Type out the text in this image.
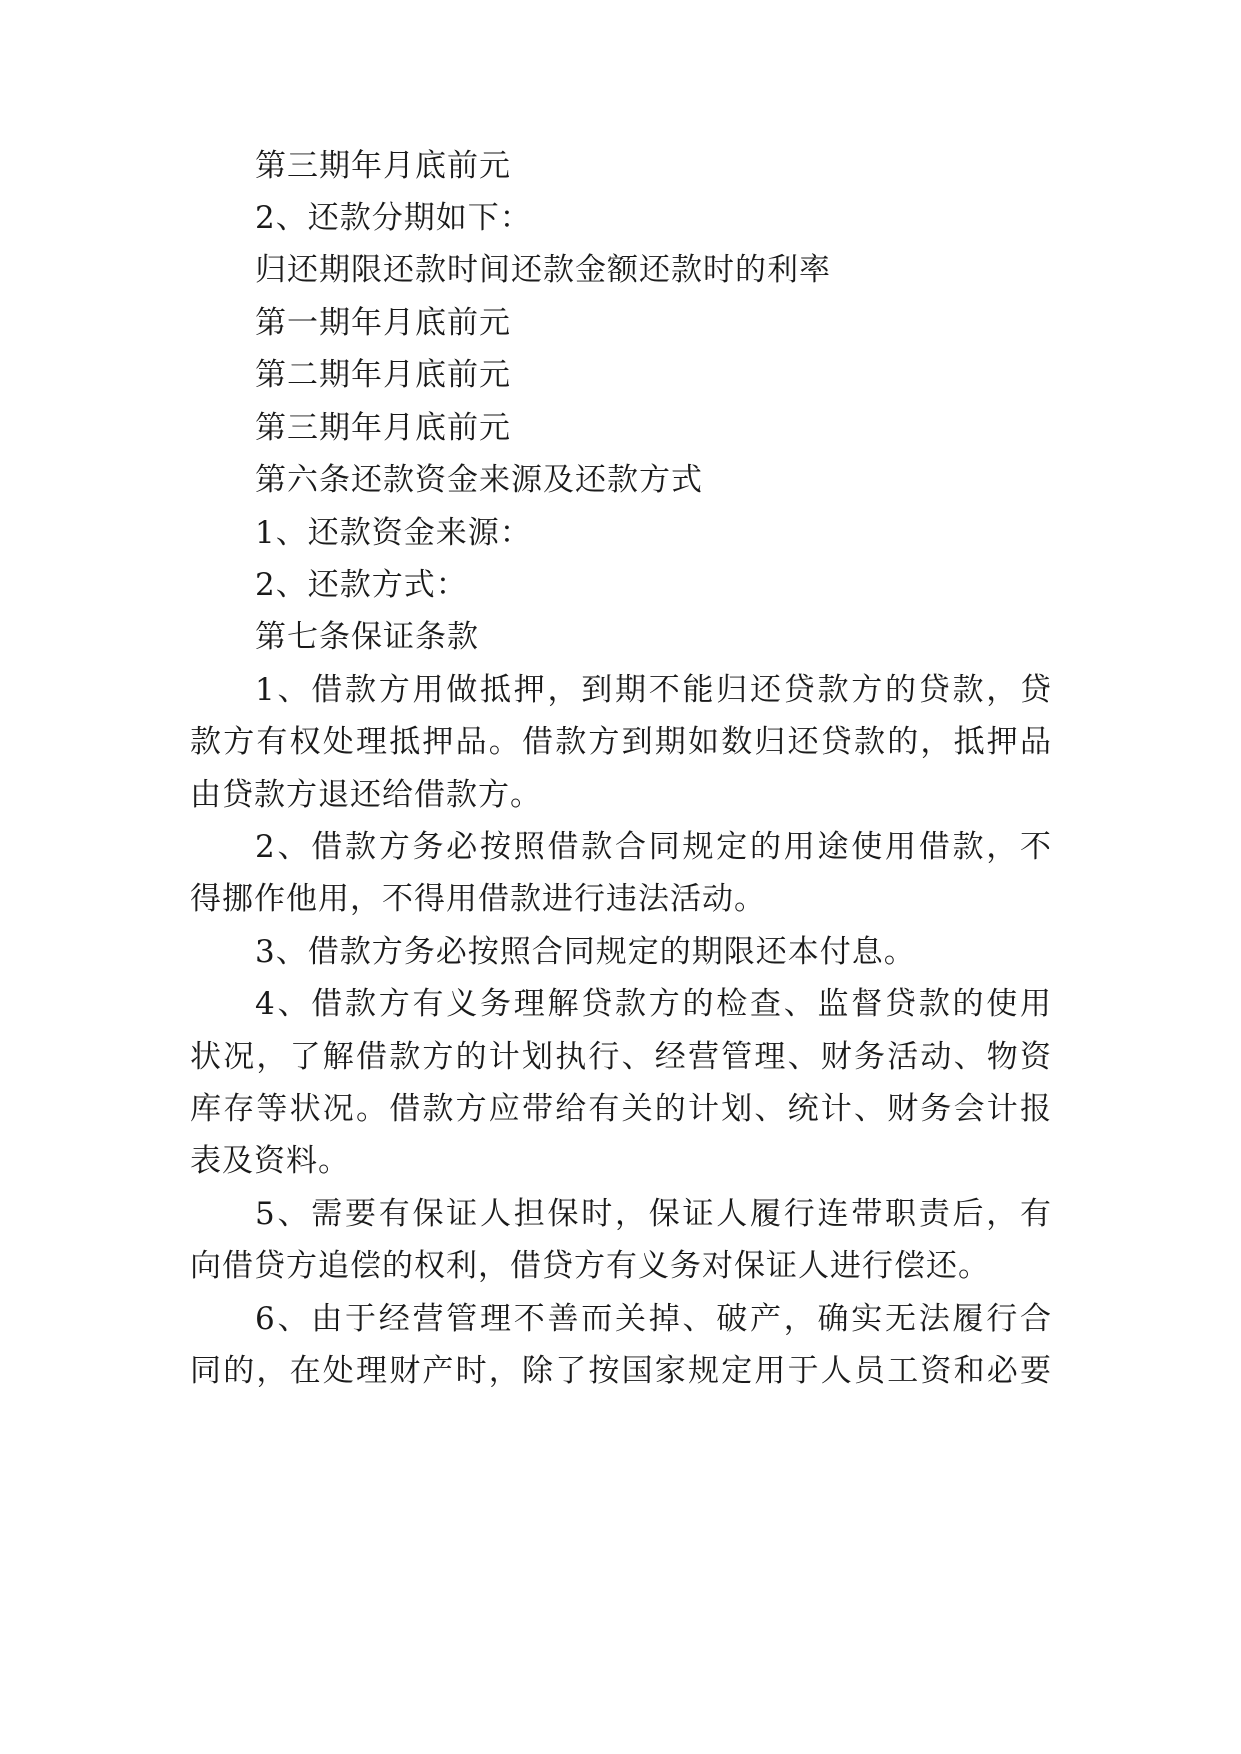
第三期年月底前元
2、还款分期如下：
归还期限还款时间还款金额还款时的利率
第一期年月底前元
第二期年月底前元
第三期年月底前元
第六条还款资金来源及还款方式
1、还款资金来源：
2、还款方式：
第七条保证条款
1、借款方用做抵押，到期不能归还贷款方的贷款，贷
款方有权处理抵押品。借款方到期如数归还贷款的，抵押品
由贷款方退还给借款方。
2、借款方务必按照借款合同规定的用途使用借款，不
得挪作他用，不得用借款进行违法活动。
3、借款方务必按照合同规定的期限还本付息。
4、借款方有义务理解贷款方的检查、监督贷款的使用
状况，了解借款方的计划执行、经营管理、财务活动、物资
库存等状况。借款方应带给有关的计划、统计、财务会计报
表及资料。
5、需要有保证人担保时，保证人履行连带职责后，有
向借贷方追偿的权利，借贷方有义务对保证人进行偿还。
6、由于经营管理不善而关掉、破产，确实无法履行合
同的，在处理财产时，除了按国家规定用于人员工资和必要
